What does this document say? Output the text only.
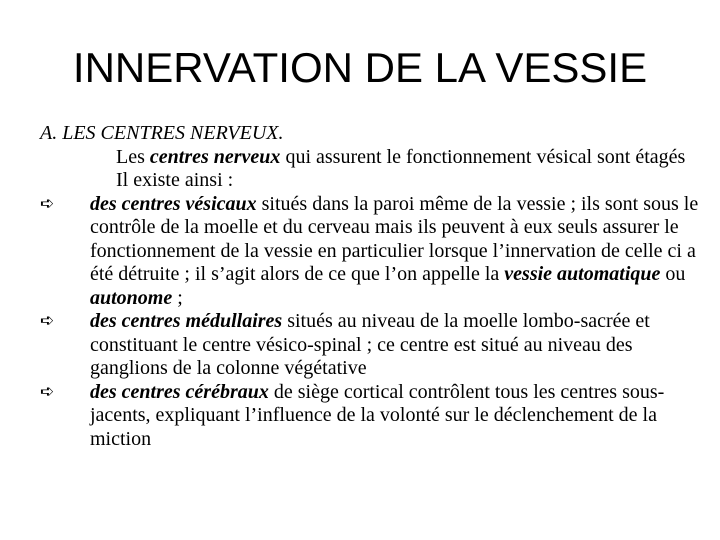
INNERVATION DE LA VESSIE

A. LES CENTRES NERVEUX.

Les centres nerveux qui assurent le fonctionnement vésical sont étagés

Il existe ainsi :

➪	des centres vésicaux situés dans la paroi même de la vessie ; ils sont sous le contrôle de la moelle et du cerveau mais ils peuvent à eux seuls assurer le fonctionnement de la vessie en particulier lorsque l’innervation de celle ci a été détruite ; il s’agit alors de ce que l’on appelle la vessie automatique ou autonome ;

➪	des centres médullaires situés au niveau de la moelle lombo-sacrée et constituant le centre vésico-spinal ; ce centre est situé au niveau des ganglions de la colonne végétative

➪	des centres cérébraux de siège cortical contrôlent tous les centres sous-jacents, expliquant l’influence de la volonté sur le déclenchement de la miction
